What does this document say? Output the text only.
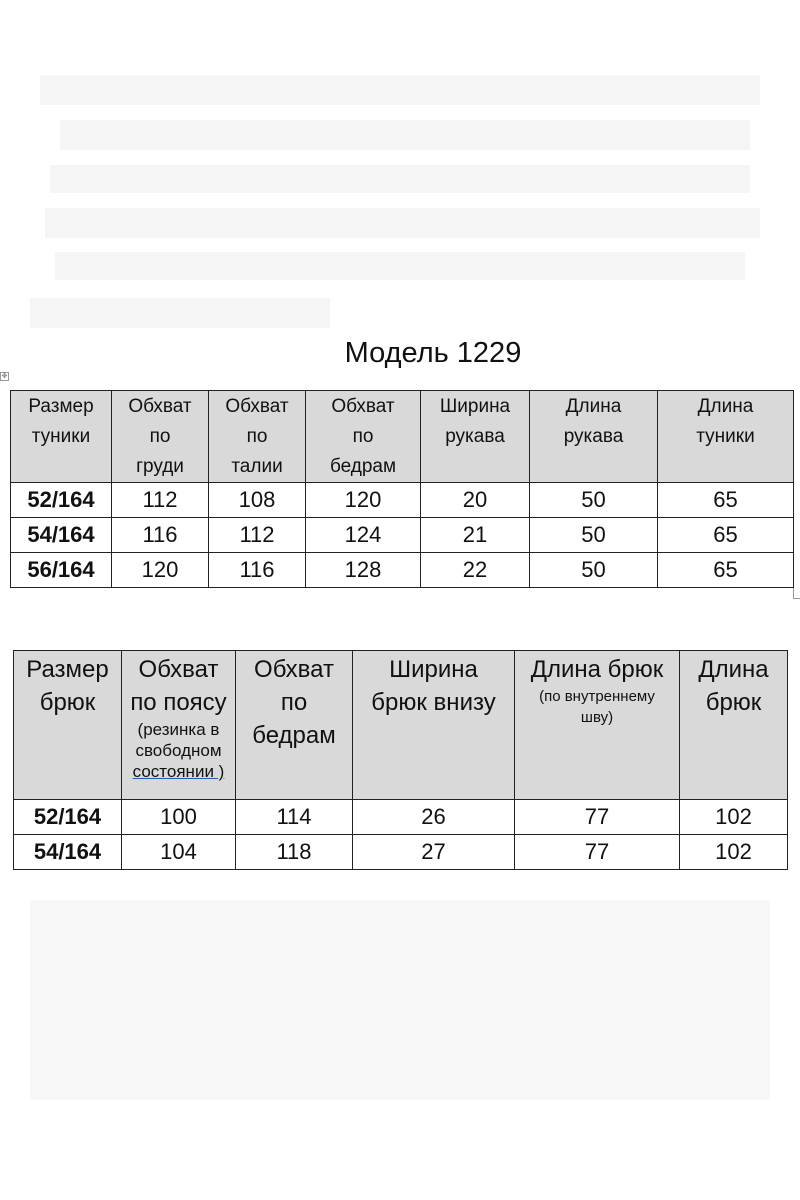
Модель 1229
✥
Размер
туники	Обхват
по
груди	Обхват
по
талии	Обхват
по
бедрам	Ширина
рукава	Длина
рукава	Длина
туники

52/164	112	108	120	20	50	65
54/164	116	112	124	21	50	65
56/164	120	116	128	22	50	65
Размер
брюк	Обхват
по поясу
(резинка в
свободном
состоянии )	Обхват
по
бедрам	Ширина
брюк внизу	Длина брюк
(по внутреннему
шву)	Длина
брюк

52/164	100	114	26	77	102
54/164	104	118	27	77	102
